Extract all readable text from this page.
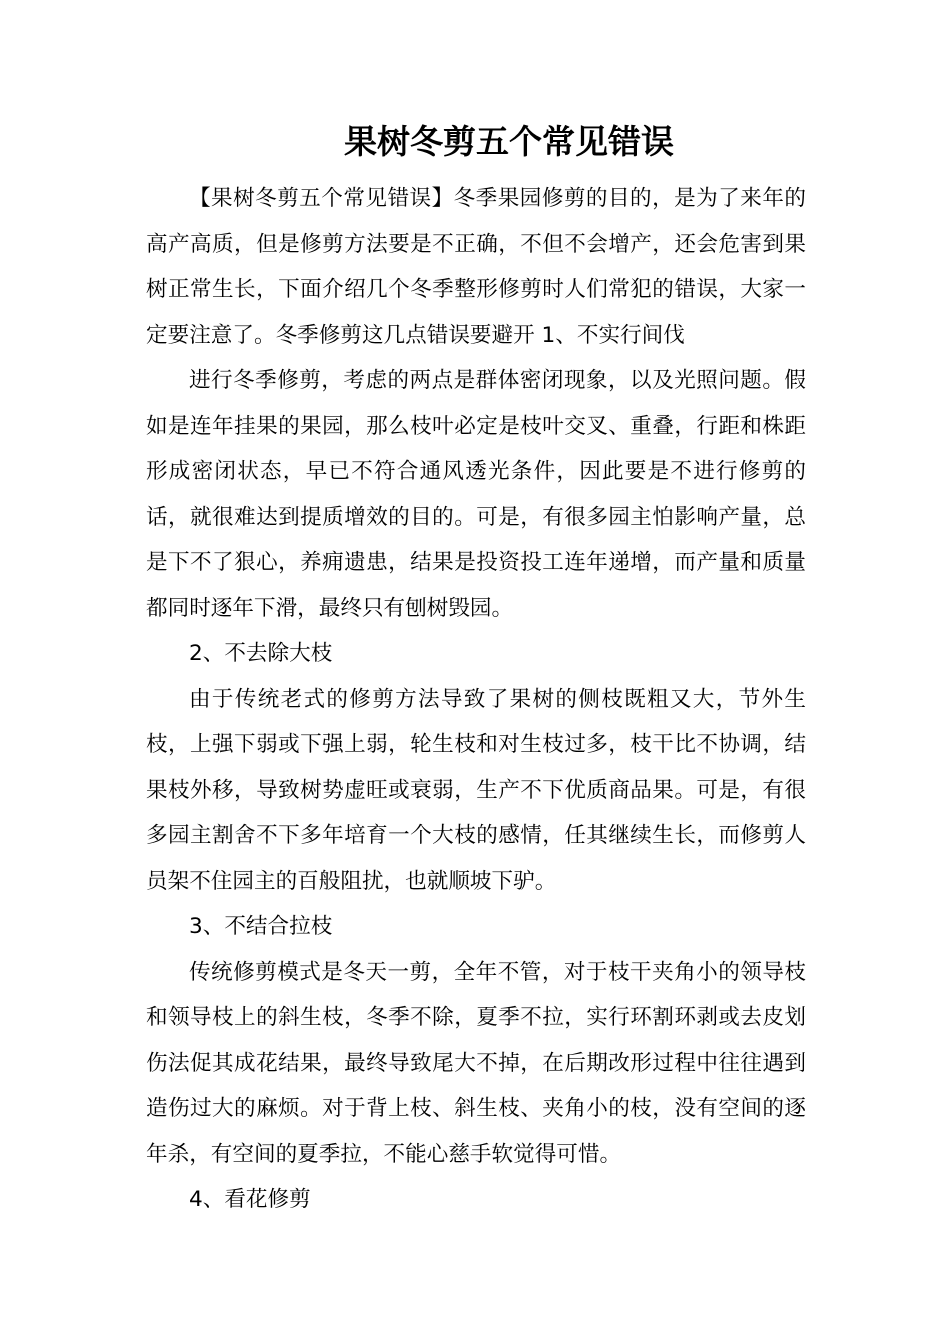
果树冬剪五个常见错误

【果树冬剪五个常见错误】冬季果园修剪的目的，是为了来年的高产高质，但是修剪方法要是不正确，不但不会增产，还会危害到果树正常生长，下面介绍几个冬季整形修剪时人们常犯的错误，大家一定要注意了。冬季修剪这几点错误要避开 1、不实行间伐

进行冬季修剪，考虑的两点是群体密闭现象，以及光照问题。假如是连年挂果的果园，那么枝叶必定是枝叶交叉、重叠，行距和株距形成密闭状态，早已不符合通风透光条件，因此要是不进行修剪的话，就很难达到提质增效的目的。可是，有很多园主怕影响产量，总是下不了狠心，养痈遗患，结果是投资投工连年递增，而产量和质量都同时逐年下滑，最终只有刨树毁园。

2、不去除大枝

由于传统老式的修剪方法导致了果树的侧枝既粗又大，节外生枝，上强下弱或下强上弱，轮生枝和对生枝过多，枝干比不协调，结果枝外移，导致树势虚旺或衰弱，生产不下优质商品果。可是，有很多园主割舍不下多年培育一个大枝的感情，任其继续生长，而修剪人员架不住园主的百般阻扰，也就顺坡下驴。

3、不结合拉枝

传统修剪模式是冬天一剪，全年不管，对于枝干夹角小的领导枝和领导枝上的斜生枝，冬季不除，夏季不拉，实行环割环剥或去皮划伤法促其成花结果，最终导致尾大不掉，在后期改形过程中往往遇到造伤过大的麻烦。对于背上枝、斜生枝、夹角小的枝，没有空间的逐年杀，有空间的夏季拉，不能心慈手软觉得可惜。

4、看花修剪
